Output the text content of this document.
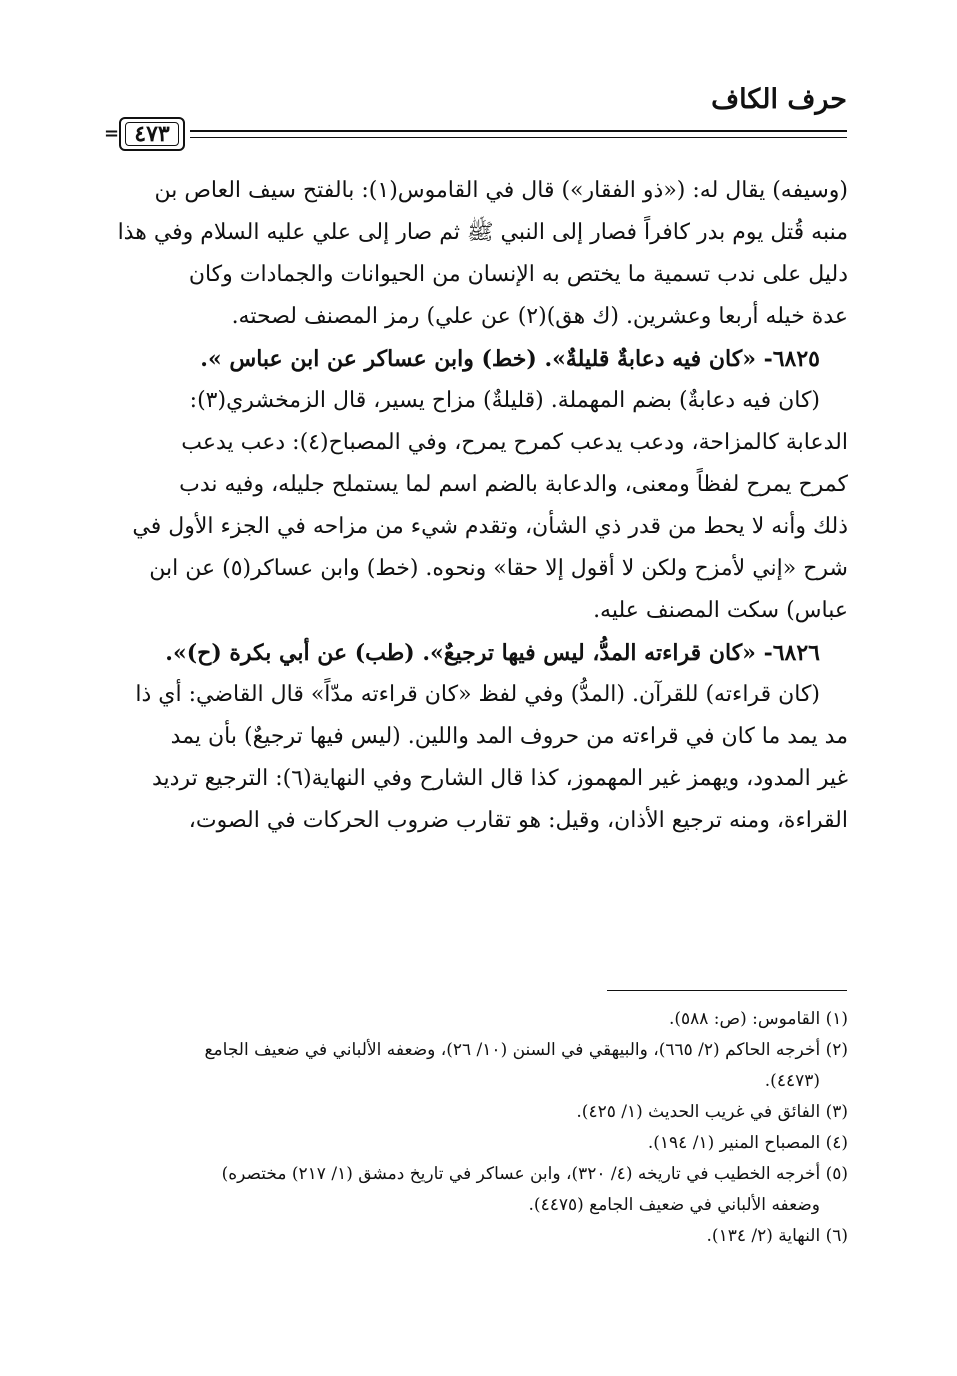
حرف الكاف
٤٧٣
=
(وسيفه) يقال له: («ذو الفقار») قال في القاموس(١): بالفتح سيف العاص بن
منبه قُتل يوم بدر كافراً فصار إلى النبي ﷺ ثم صار إلى علي عليه السلام وفي هذا
دليل على ندب تسمية ما يختص به الإنسان من الحيوانات والجمادات وكان
عدة خيله أربعا وعشرين. (ك هق)(٢) عن علي) رمز المصنف لصحته.
٦٨٢٥- «كان فيه دعابةٌ قليلةٌ». (خط) وابن عساكر عن ابن عباس ».
(كان فيه دعابةٌ) بضم المهملة. (قليلةٌ) مزاح يسير، قال الزمخشري(٣):
الدعابة كالمزاحة، ودعب يدعب كمرح يمرح، وفي المصباح(٤): دعب يدعب
كمرح يمرح لفظاً ومعنى، والدعابة بالضم اسم لما يستملح جليله، وفيه ندب
ذلك وأنه لا يحط من قدر ذي الشأن، وتقدم شيء من مزاحه في الجزء الأول في
شرح «إني لأمزح ولكن لا أقول إلا حقا» ونحوه. (خط) وابن عساكر(٥) عن ابن
عباس) سكت المصنف عليه.
٦٨٢٦- «كان قراءته المدُّ، ليس فيها ترجيعٌ». (طب) عن أبي بكرة (ح)».
(كان قراءته) للقرآن. (المدُّ) وفي لفظ «كان قراءته مدّاً» قال القاضي: أي ذا
مد يمد ما كان في قراءته من حروف المد واللين. (ليس فيها ترجيعٌ) بأن يمد
غير المدود، ويهمز غير المهموز، كذا قال الشارح وفي النهاية(٦): الترجيع ترديد
القراءة، ومنه ترجيع الأذان، وقيل: هو تقارب ضروب الحركات في الصوت،
(١) القاموس: (ص: ٥٨٨).
(٢) أخرجه الحاكم (٢/ ٦٦٥)، والبيهقي في السنن (١٠/ ٢٦)، وضعفه الألباني في ضعيف الجامع
(٤٤٧٣).
(٣) الفائق في غريب الحديث (١/ ٤٢٥).
(٤) المصباح المنير (١/ ١٩٤).
(٥) أخرجه الخطيب في تاريخه (٤/ ٣٢٠)، وابن عساكر في تاريخ دمشق (١/ ٢١٧) مختصره)
وضعفه الألباني في ضعيف الجامع (٤٤٧٥).
(٦) النهاية (٢/ ١٣٤).
